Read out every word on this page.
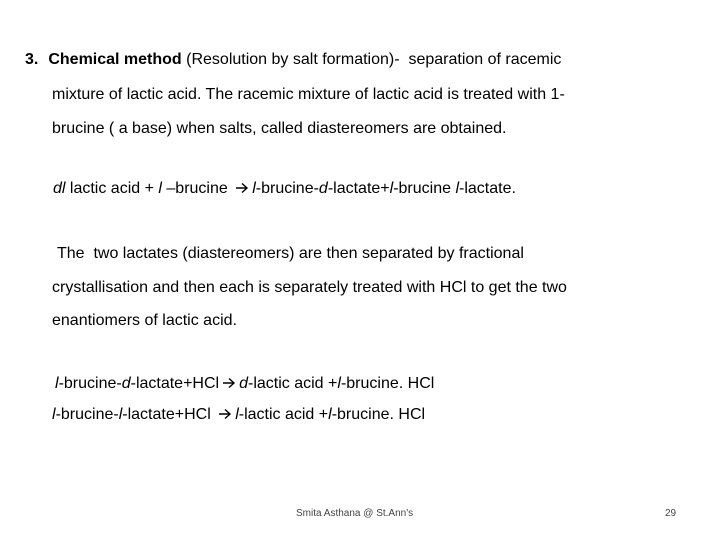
3. Chemical method (Resolution by salt formation)-  separation of racemic
mixture of lactic acid. The racemic mixture of lactic acid is treated with 1-
brucine ( a base) when salts, called diastereomers are obtained.
dl lactic acid + l –brucine l-brucine-d-lactate+l-brucine l-lactate.
The  two lactates (diastereomers) are then separated by fractional
crystallisation and then each is separately treated with HCl to get the two
enantiomers of lactic acid.
l-brucine-d-lactate+HCl d-lactic acid +l-brucine. HCl
l-brucine-l-lactate+HCl l-lactic acid +l-brucine. HCl
Smita Asthana @ St.Ann's	29
